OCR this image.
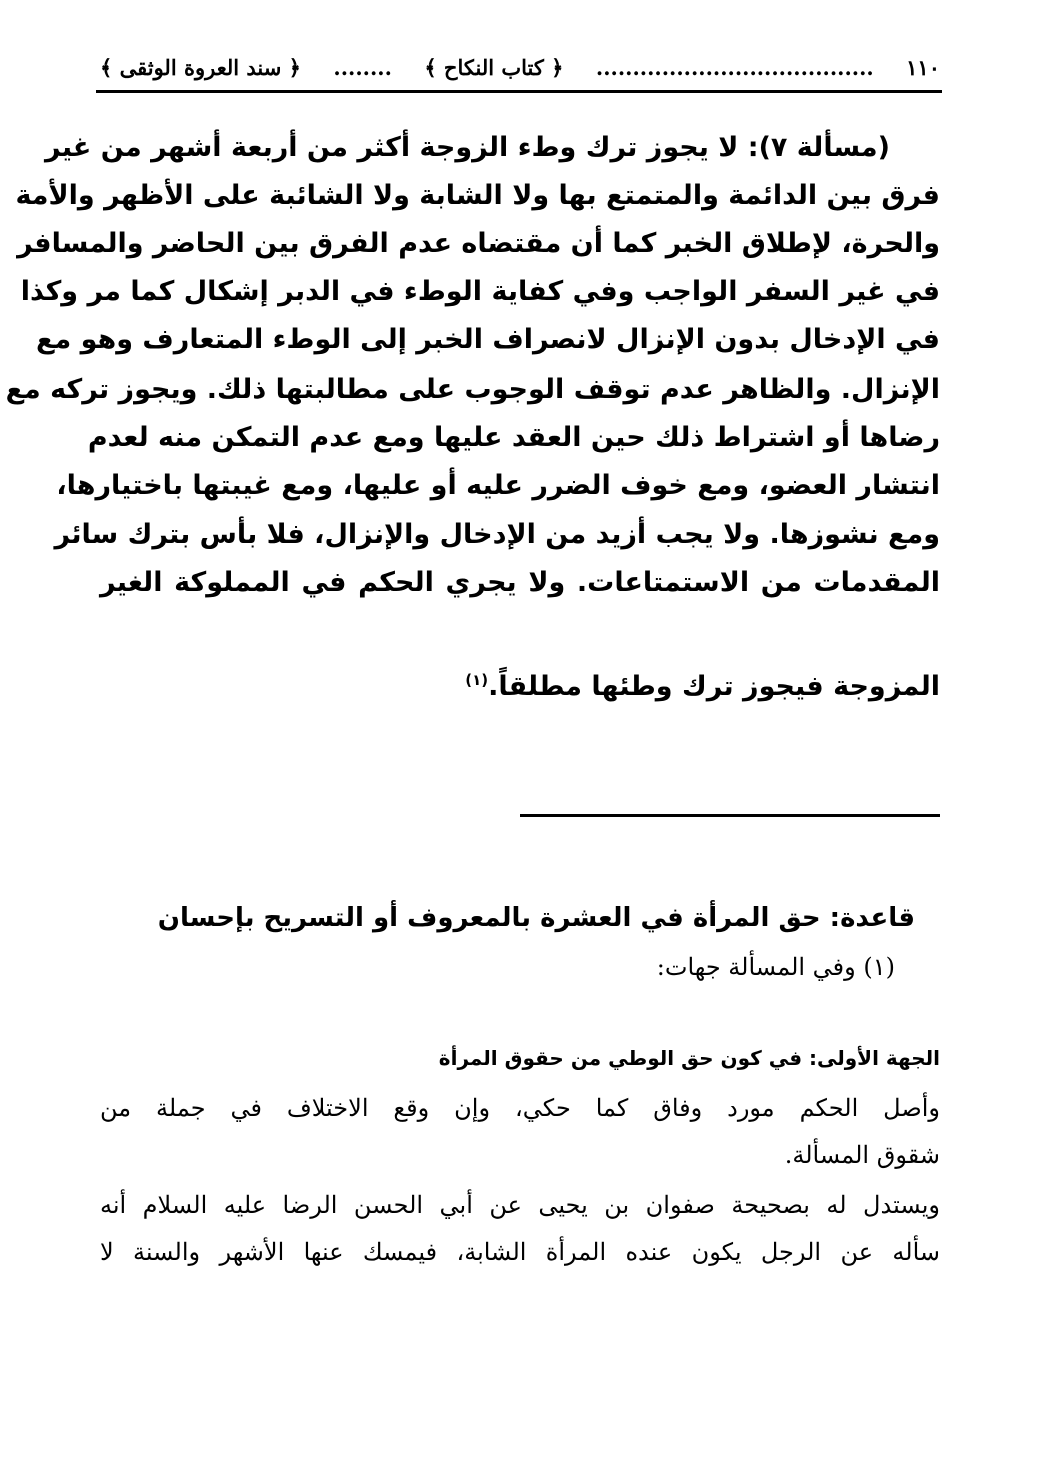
١١٠
......................................
﴿ كتاب النكاح ﴾
........
﴿ سند العروة الوثقى ﴾
(مسألة ٧): لا يجوز ترك وطء الزوجة أكثر من أربعة أشهر من غير
فرق بين الدائمة والمتمتع بها ولا الشابة ولا الشائبة على الأظهر والأمة
والحرة، لإطلاق الخبر كما أن مقتضاه عدم الفرق بين الحاضر والمسافر
في غير السفر الواجب وفي كفاية الوطء في الدبر إشكال كما مر وكذا
في الإدخال بدون الإنزال لانصراف الخبر إلى الوطء المتعارف وهو مع
الإنزال. والظاهر عدم توقف الوجوب على مطالبتها ذلك. ويجوز تركه مع
رضاها أو اشتراط ذلك حين العقد عليها ومع عدم التمكن منه لعدم
انتشار العضو، ومع خوف الضرر عليه أو عليها، ومع غيبتها باختيارها،
ومع نشوزها. ولا يجب أزيد من الإدخال والإنزال، فلا بأس بترك سائر
المقدمات من الاستمتاعات. ولا يجري الحكم في المملوكة الغير
المزوجة فيجوز ترك وطئها مطلقاً.$^{(١)}$
قاعدة: حق المرأة في العشرة بالمعروف أو التسريح بإحسان
(١) وفي المسألة جهات:
الجهة الأولى: في كون حق الوطي من حقوق المرأة
وأصل الحكم مورد وفاق كما حكي، وإن وقع الاختلاف في جملة من
شقوق المسألة.
ويستدل له بصحيحة صفوان بن يحيى عن أبي الحسن الرضا عليه السلام أنه
سأله عن الرجل يكون عنده المرأة الشابة، فيمسك عنها الأشهر والسنة لا
